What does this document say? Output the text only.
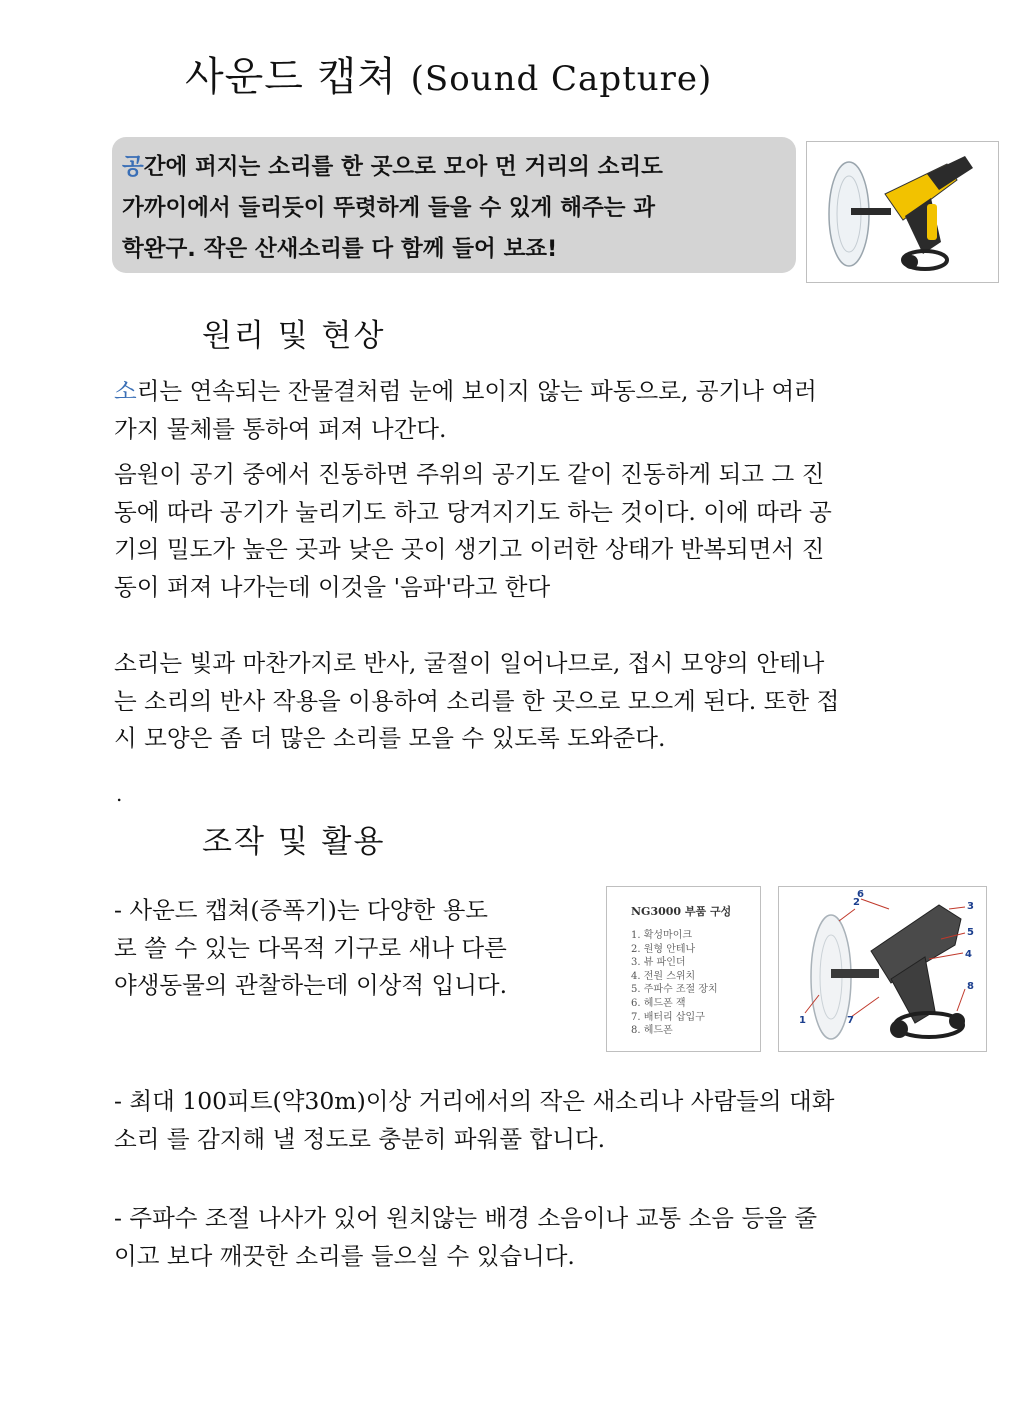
사운드 캡쳐 (Sound Capture)

공간에 퍼지는 소리를 한 곳으로 모아 먼 거리의 소리도
가까이에서 들리듯이 뚜렷하게 들을 수 있게 해주는 과
학완구. 작은 산새소리를 다 함께 들어 보죠!

원리 및 현상

소리는 연속되는 잔물결처럼 눈에 보이지 않는 파동으로, 공기나 여러
가지 물체를 통하여 퍼져 나간다.

음원이 공기 중에서 진동하면 주위의 공기도 같이 진동하게 되고 그 진
동에 따라 공기가 눌리기도 하고 당겨지기도 하는 것이다. 이에 따라 공
기의 밀도가 높은 곳과 낮은 곳이 생기고 이러한 상태가 반복되면서 진
동이 퍼져 나가는데 이것을 '음파'라고 한다

소리는 빛과 마찬가지로 반사, 굴절이 일어나므로, 접시 모양의 안테나
는 소리의 반사 작용을 이용하여 소리를 한 곳으로 모으게 된다. 또한 접
시 모양은 좀 더 많은 소리를 모을 수 있도록 도와준다.

.
조작 및 활용

- 사운드 캡쳐(증폭기)는 다양한 용도
로 쓸 수 있는 다목적 기구로 새나 다른
야생동물의 관찰하는데 이상적 입니다.

NG3000 부품 구성
1. 확성마이크
2. 원형 안테나
3. 뷰 파인더
4. 전원 스위치
5. 주파수 조절 장치
6. 헤드폰 잭
7. 배터리 삽입구
8. 헤드폰
1
2	3
4
5
6
7
8

- 최대 100피트(약30m)이상 거리에서의 작은 새소리나 사람들의 대화
소리 를 감지해 낼 정도로 충분히 파워풀 합니다.

- 주파수 조절 나사가 있어 원치않는 배경 소음이나 교통 소음 등을 줄
이고 보다 깨끗한 소리를 들으실 수 있습니다.
